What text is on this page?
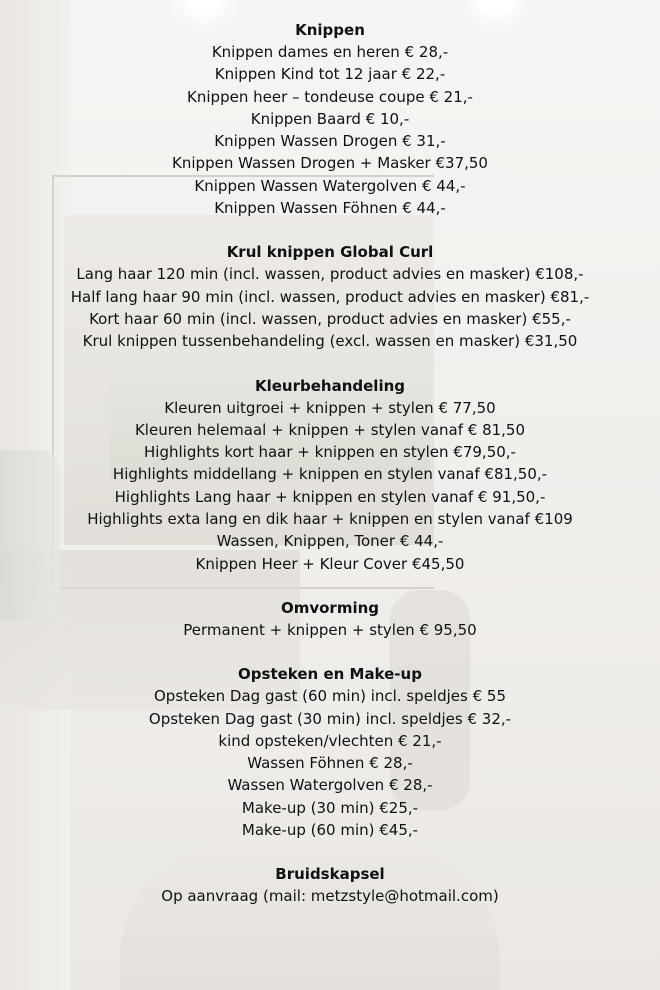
Knippen
Knippen dames en heren € 28,-
Knippen Kind tot 12 jaar € 22,-
Knippen heer – tondeuse coupe € 21,-
Knippen Baard € 10,-
Knippen Wassen Drogen € 31,-
Knippen Wassen Drogen + Masker €37,50
Knippen Wassen Watergolven € 44,-
Knippen Wassen Föhnen € 44,-
Krul knippen Global Curl
Lang haar 120 min (incl. wassen, product advies en masker) €108,-
Half lang haar 90 min (incl. wassen, product advies en masker) €81,-
Kort haar 60 min (incl. wassen, product advies en masker) €55,-
Krul knippen tussenbehandeling (excl. wassen en masker) €31,50
Kleurbehandeling
Kleuren uitgroei + knippen + stylen € 77,50
Kleuren helemaal + knippen + stylen vanaf € 81,50
Highlights kort haar + knippen en stylen €79,50,-
Highlights middellang + knippen en stylen vanaf €81,50,-
Highlights Lang haar + knippen en stylen vanaf € 91,50,-
Highlights exta lang en dik haar + knippen en stylen vanaf €109
Wassen, Knippen, Toner € 44,-
Knippen Heer + Kleur Cover €45,50
Omvorming
Permanent + knippen + stylen € 95,50
Opsteken en Make-up
Opsteken Dag gast (60 min) incl. speldjes € 55
Opsteken Dag gast (30 min) incl. speldjes € 32,-
kind opsteken/vlechten € 21,-
Wassen Föhnen € 28,-
Wassen Watergolven € 28,-
Make-up (30 min) €25,-
Make-up (60 min) €45,-
Bruidskapsel
Op aanvraag (mail: metzstyle@hotmail.com)
